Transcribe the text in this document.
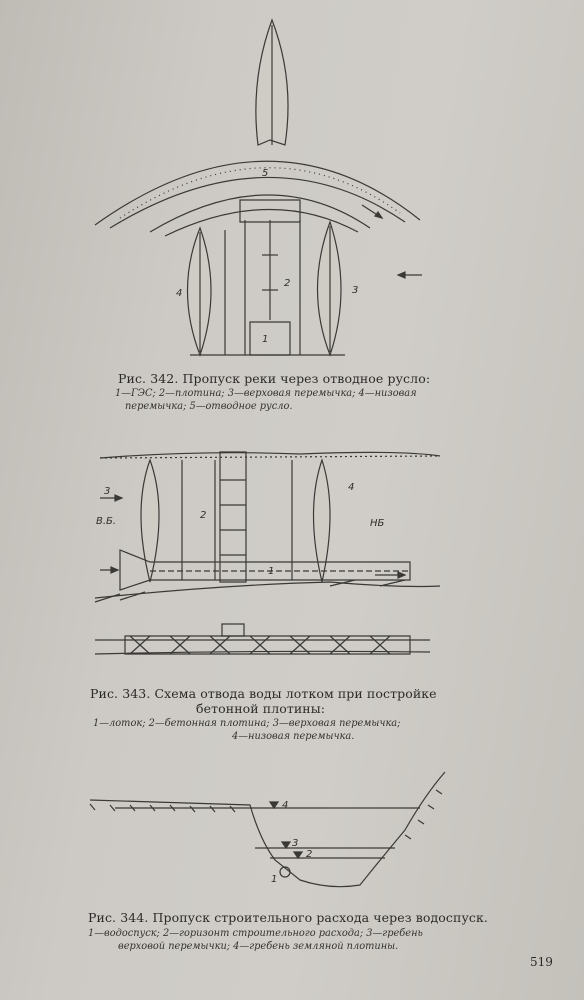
5
2
4	3
1
Рис. 342. Пропуск реки через отводное русло:
1—ГЭС; 2—плотина; 3—верховая перемычка; 4—низовая
перемычка; 5—отводное русло.
3
В.Б.
2
4
НБ
1
Рис. 343. Схема отвода воды лотком при постройке
бетонной плотины:
1—лоток; 2—бетонная плотина; 3—верховая перемычка;
4—низовая перемычка.
4
3
2
1
Рис. 344. Пропуск строительного расхода через водоспуск.
1—водоспуск; 2—горизонт строительного расхода; 3—гребень
верховой перемычки; 4—гребень земляной плотины.
519
